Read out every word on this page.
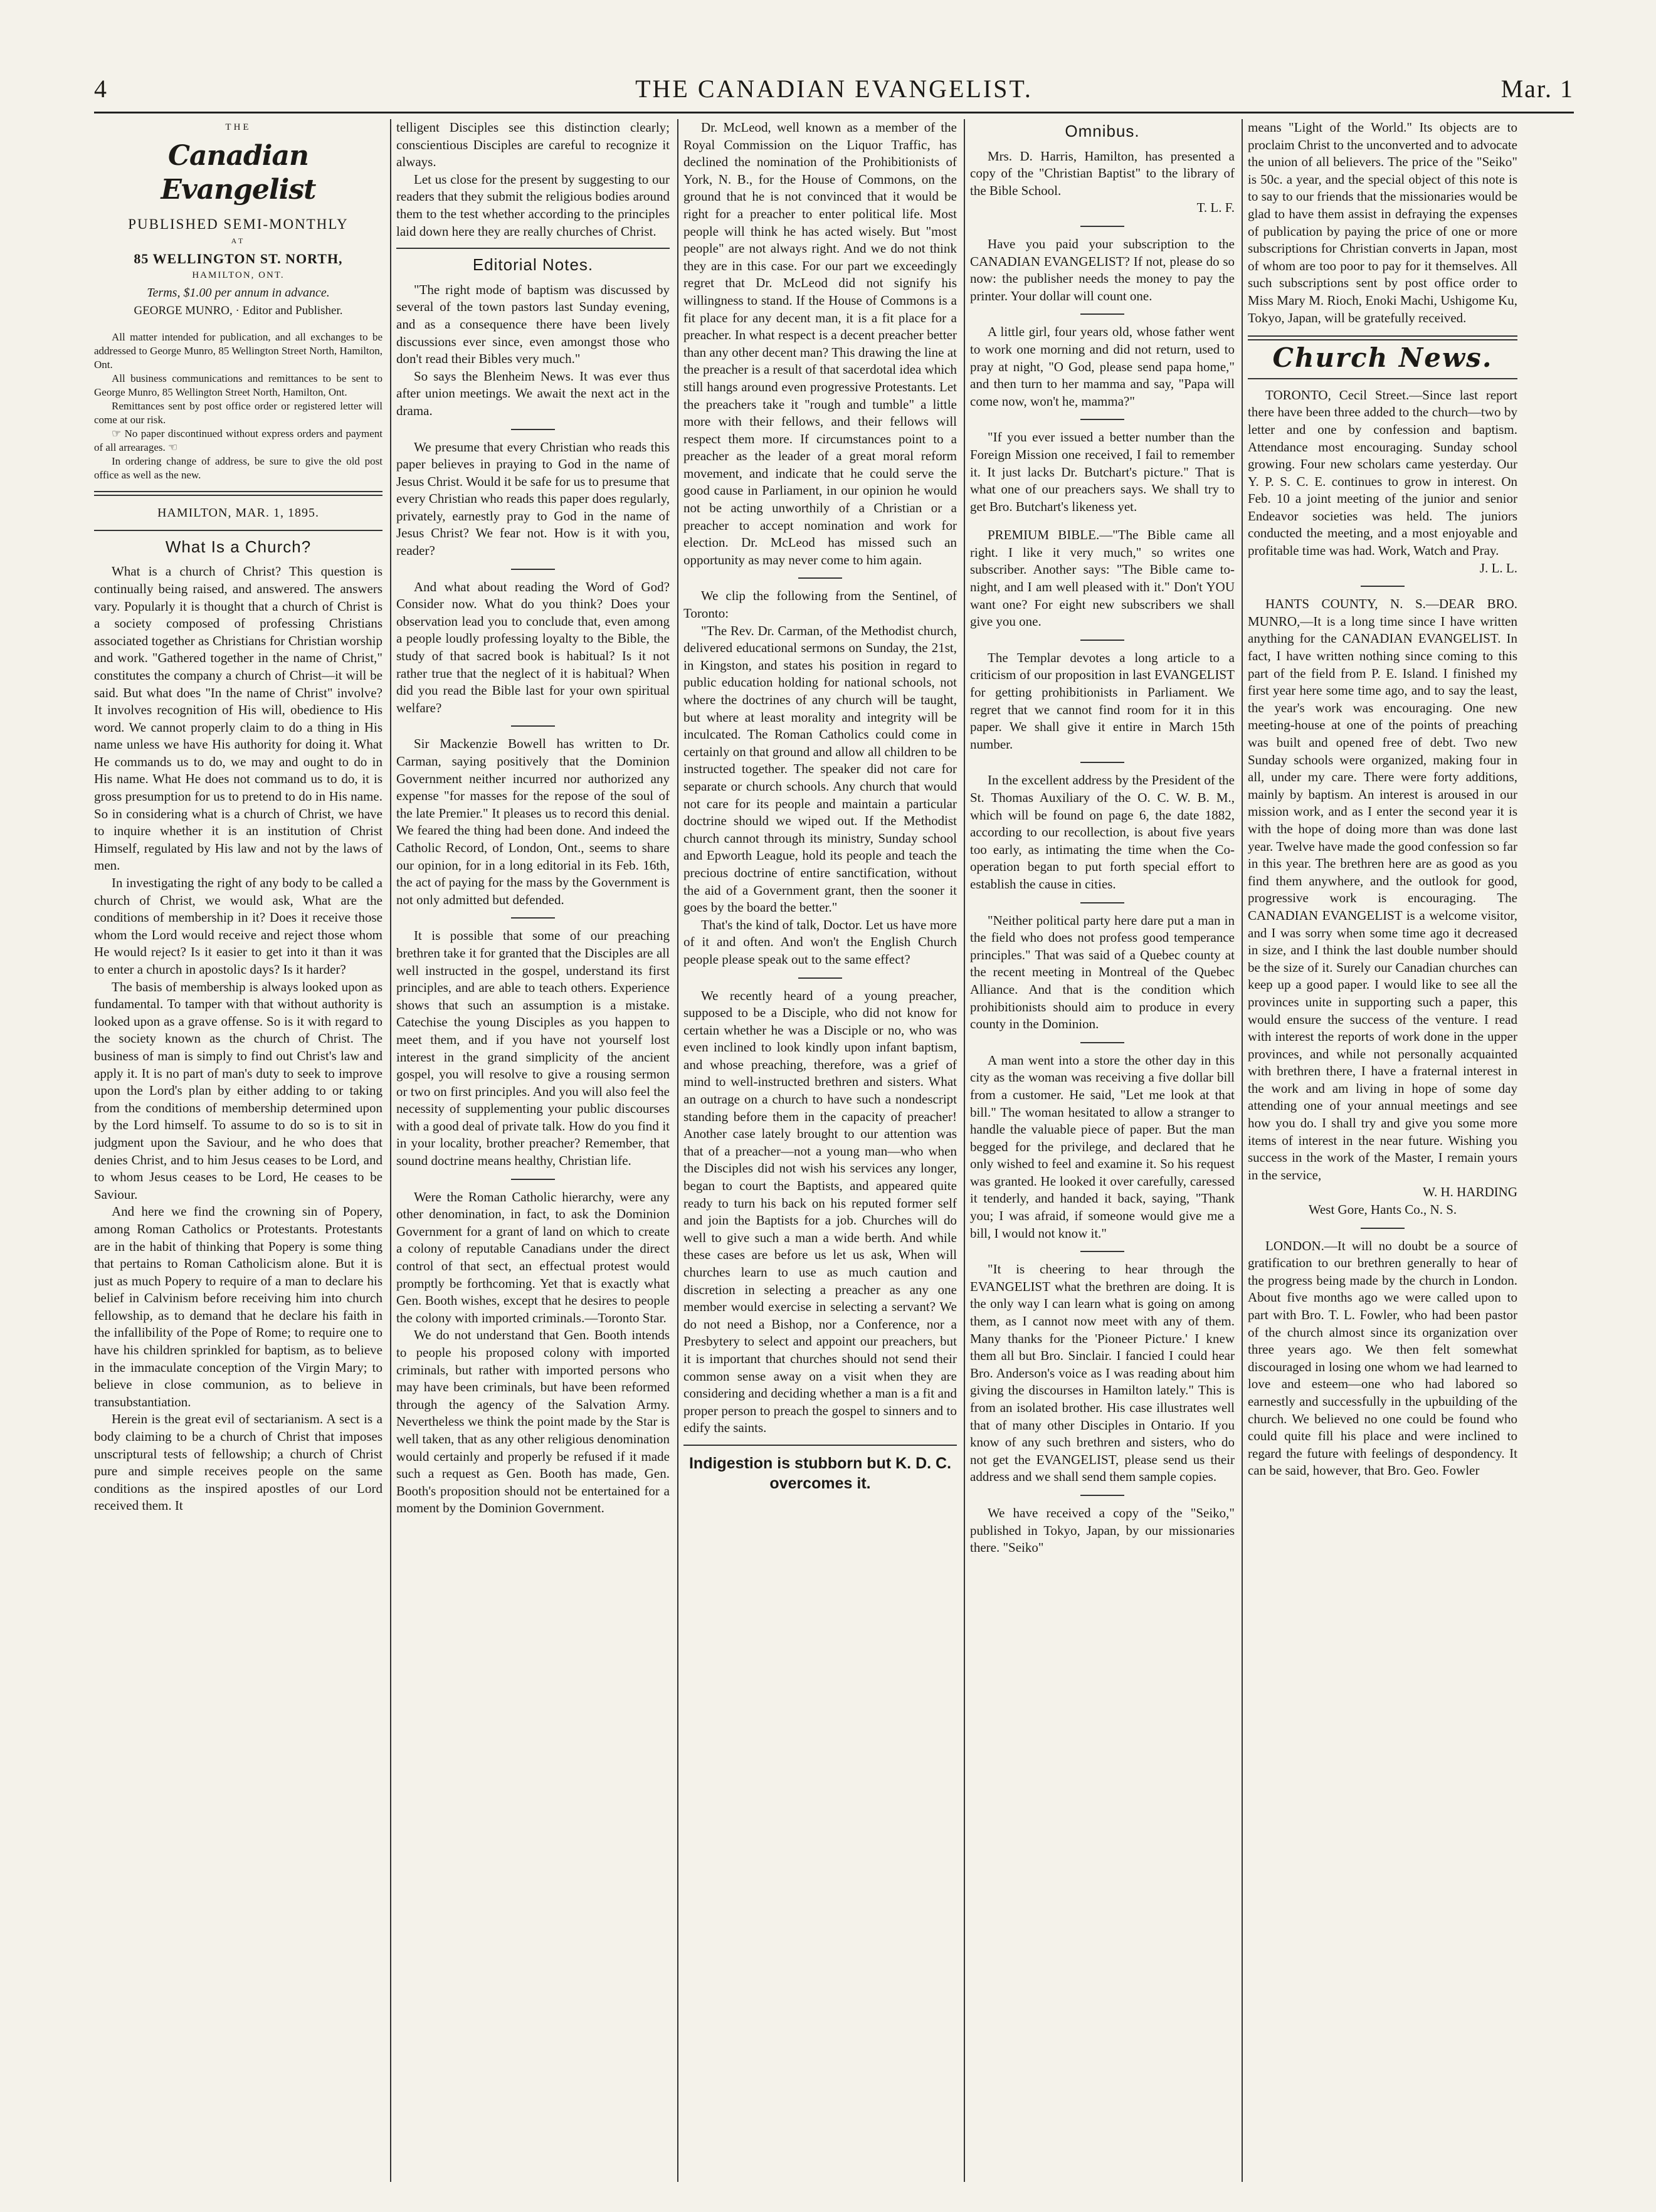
4	THE CANADIAN EVANGELIST.	Mar. 1
THE
Canadian Evangelist
PUBLISHED SEMI-MONTHLY
AT
85 WELLINGTON ST. NORTH,
HAMILTON, ONT.
Terms, $1.00 per annum in advance.
GEORGE MUNRO, · Editor and Publisher.

All matter intended for publication, and all exchanges to be addressed to George Munro, 85 Wellington Street North, Hamilton, Ont.

All business communications and remittances to be sent to George Munro, 85 Wellington Street North, Hamilton, Ont.

Remittances sent by post office order or registered letter will come at our risk.

☞ No paper discontinued without express orders and payment of all arrearages. ☜

In ordering change of address, be sure to give the old post office as well as the new.

HAMILTON, MAR. 1, 1895.
What Is a Church?

What is a church of Christ? This question is continually being raised, and answered. The answers vary. Popularly it is thought that a church of Christ is a society composed of professing Christians associated together as Christians for Christian worship and work. "Gathered together in the name of Christ," constitutes the company a church of Christ—it will be said. But what does "In the name of Christ" involve? It involves recognition of His will, obedience to His word. We cannot properly claim to do a thing in His name unless we have His authority for doing it. What He commands us to do, we may and ought to do in His name. What He does not command us to do, it is gross presumption for us to pretend to do in His name. So in considering what is a church of Christ, we have to inquire whether it is an institution of Christ Himself, regulated by His law and not by the laws of men.

In investigating the right of any body to be called a church of Christ, we would ask, What are the conditions of membership in it? Does it receive those whom the Lord would receive and reject those whom He would reject? Is it easier to get into it than it was to enter a church in apostolic days? Is it harder?

The basis of membership is always looked upon as fundamental. To tamper with that without authority is looked upon as a grave offense. So is it with regard to the society known as the church of Christ. The business of man is simply to find out Christ's law and apply it. It is no part of man's duty to seek to improve upon the Lord's plan by either adding to or taking from the conditions of membership determined upon by the Lord himself. To assume to do so is to sit in judgment upon the Saviour, and he who does that denies Christ, and to him Jesus ceases to be Lord, and to whom Jesus ceases to be Lord, He ceases to be Saviour.

And here we find the crowning sin of Popery, among Roman Catholics or Protestants. Protestants are in the habit of thinking that Popery is some thing that pertains to Roman Catholicism alone. But it is just as much Popery to require of a man to declare his belief in Calvinism before receiving him into church fellowship, as to demand that he declare his faith in the infallibility of the Pope of Rome; to require one to have his children sprinkled for baptism, as to believe in the immaculate conception of the Virgin Mary; to believe in close communion, as to believe in transubstantiation.

Herein is the great evil of sectarianism. A sect is a body claiming to be a church of Christ that imposes unscriptural tests of fellowship; a church of Christ pure and simple receives people on the same conditions as the inspired apostles of our Lord received them. It

telligent Disciples see this distinction clearly; conscientious Disciples are careful to recognize it always.

Let us close for the present by suggesting to our readers that they submit the religious bodies around them to the test whether according to the principles laid down here they are really churches of Christ.

Editorial Notes.

"The right mode of baptism was discussed by several of the town pastors last Sunday evening, and as a consequence there have been lively discussions ever since, even amongst those who don't read their Bibles very much."

So says the Blenheim News. It was ever thus after union meetings. We await the next act in the drama.

We presume that every Christian who reads this paper believes in praying to God in the name of Jesus Christ. Would it be safe for us to presume that every Christian who reads this paper does regularly, privately, earnestly pray to God in the name of Jesus Christ? We fear not. How is it with you, reader?

And what about reading the Word of God? Consider now. What do you think? Does your observation lead you to conclude that, even among a people loudly professing loyalty to the Bible, the study of that sacred book is habitual? Is it not rather true that the neglect of it is habitual? When did you read the Bible last for your own spiritual welfare?

Sir Mackenzie Bowell has written to Dr. Carman, saying positively that the Dominion Government neither incurred nor authorized any expense "for masses for the repose of the soul of the late Premier." It pleases us to record this denial. We feared the thing had been done. And indeed the Catholic Record, of London, Ont., seems to share our opinion, for in a long editorial in its Feb. 16th, the act of paying for the mass by the Government is not only admitted but defended.

It is possible that some of our preaching brethren take it for granted that the Disciples are all well instructed in the gospel, understand its first principles, and are able to teach others. Experience shows that such an assumption is a mistake. Catechise the young Disciples as you happen to meet them, and if you have not yourself lost interest in the grand simplicity of the ancient gospel, you will resolve to give a rousing sermon or two on first principles. And you will also feel the necessity of supplementing your public discourses with a good deal of private talk. How do you find it in your locality, brother preacher? Remember, that sound doctrine means healthy, Christian life.

Were the Roman Catholic hierarchy, were any other denomination, in fact, to ask the Dominion Government for a grant of land on which to create a colony of reputable Canadians under the direct control of that sect, an effectual protest would promptly be forthcoming. Yet that is exactly what Gen. Booth wishes, except that he desires to people the colony with imported criminals.—Toronto Star.

We do not understand that Gen. Booth intends to people his proposed colony with imported criminals, but rather with imported persons who may have been criminals, but have been reformed through the agency of the Salvation Army. Nevertheless we think the point made by the Star is well taken, that as any other religious denomination would certainly and properly be refused if it made such a request as Gen. Booth has made, Gen. Booth's proposition should not be entertained for a moment by the Dominion Government.

Dr. McLeod, well known as a member of the Royal Commission on the Liquor Traffic, has declined the nomination of the Prohibitionists of York, N. B., for the House of Commons, on the ground that he is not convinced that it would be right for a preacher to enter political life. Most people will think he has acted wisely. But "most people" are not always right. And we do not think they are in this case. For our part we exceedingly regret that Dr. McLeod did not signify his willingness to stand. If the House of Commons is a fit place for any decent man, it is a fit place for a preacher. In what respect is a decent preacher better than any other decent man? This drawing the line at the preacher is a result of that sacerdotal idea which still hangs around even progressive Protestants. Let the preachers take it "rough and tumble" a little more with their fellows, and their fellows will respect them more. If circumstances point to a preacher as the leader of a great moral reform movement, and indicate that he could serve the good cause in Parliament, in our opinion he would not be acting unworthily of a Christian or a preacher to accept nomination and work for election. Dr. McLeod has missed such an opportunity as may never come to him again.

We clip the following from the Sentinel, of Toronto:

"The Rev. Dr. Carman, of the Methodist church, delivered educational sermons on Sunday, the 21st, in Kingston, and states his position in regard to public education holding for national schools, not where the doctrines of any church will be taught, but where at least morality and integrity will be inculcated. The Roman Catholics could come in certainly on that ground and allow all children to be instructed together. The speaker did not care for separate or church schools. Any church that would not care for its people and maintain a particular doctrine should we wiped out. If the Methodist church cannot through its ministry, Sunday school and Epworth League, hold its people and teach the precious doctrine of entire sanctification, without the aid of a Government grant, then the sooner it goes by the board the better."

That's the kind of talk, Doctor. Let us have more of it and often. And won't the English Church people please speak out to the same effect?

We recently heard of a young preacher, supposed to be a Disciple, who did not know for certain whether he was a Disciple or no, who was even inclined to look kindly upon infant baptism, and whose preaching, therefore, was a grief of mind to well-instructed brethren and sisters. What an outrage on a church to have such a nondescript standing before them in the capacity of preacher! Another case lately brought to our attention was that of a preacher—not a young man—who when the Disciples did not wish his services any longer, began to court the Baptists, and appeared quite ready to turn his back on his reputed former self and join the Baptists for a job. Churches will do well to give such a man a wide berth. And while these cases are before us let us ask, When will churches learn to use as much caution and discretion in selecting a preacher as any one member would exercise in selecting a servant? We do not need a Bishop, nor a Conference, nor a Presbytery to select and appoint our preachers, but it is important that churches should not send their common sense away on a visit when they are considering and deciding whether a man is a fit and proper person to preach the gospel to sinners and to edify the saints.

Indigestion is stubborn but K. D. C. overcomes it.

Omnibus.

Mrs. D. Harris, Hamilton, has presented a copy of the "Christian Baptist" to the library of the Bible School.

T. L. F.

Have you paid your subscription to the CANADIAN EVANGELIST? If not, please do so now: the publisher needs the money to pay the printer. Your dollar will count one.

A little girl, four years old, whose father went to work one morning and did not return, used to pray at night, "O God, please send papa home," and then turn to her mamma and say, "Papa will come now, won't he, mamma?"

"If you ever issued a better number than the Foreign Mission one received, I fail to remember it. It just lacks Dr. Butchart's picture." That is what one of our preachers says. We shall try to get Bro. Butchart's likeness yet.

PREMIUM BIBLE.—"The Bible came all right. I like it very much," so writes one subscriber. Another says: "The Bible came to-night, and I am well pleased with it." Don't YOU want one? For eight new subscribers we shall give you one.

The Templar devotes a long article to a criticism of our proposition in last EVANGELIST for getting prohibitionists in Parliament. We regret that we cannot find room for it in this paper. We shall give it entire in March 15th number.

In the excellent address by the President of the St. Thomas Auxiliary of the O. C. W. B. M., which will be found on page 6, the date 1882, according to our recollection, is about five years too early, as intimating the time when the Co-operation began to put forth special effort to establish the cause in cities.

"Neither political party here dare put a man in the field who does not profess good temperance principles." That was said of a Quebec county at the recent meeting in Montreal of the Quebec Alliance. And that is the condition which prohibitionists should aim to produce in every county in the Dominion.

A man went into a store the other day in this city as the woman was receiving a five dollar bill from a customer. He said, "Let me look at that bill." The woman hesitated to allow a stranger to handle the valuable piece of paper. But the man begged for the privilege, and declared that he only wished to feel and examine it. So his request was granted. He looked it over carefully, caressed it tenderly, and handed it back, saying, "Thank you; I was afraid, if someone would give me a bill, I would not know it."

"It is cheering to hear through the EVANGELIST what the brethren are doing. It is the only way I can learn what is going on among them, as I cannot now meet with any of them. Many thanks for the 'Pioneer Picture.' I knew them all but Bro. Sinclair. I fancied I could hear Bro. Anderson's voice as I was reading about him giving the discourses in Hamilton lately." This is from an isolated brother. His case illustrates well that of many other Disciples in Ontario. If you know of any such brethren and sisters, who do not get the EVANGELIST, please send us their address and we shall send them sample copies.

We have received a copy of the "Seiko," published in Tokyo, Japan, by our missionaries there. "Seiko"

means "Light of the World." Its objects are to proclaim Christ to the unconverted and to advocate the union of all believers. The price of the "Seiko" is 50c. a year, and the special object of this note is to say to our friends that the missionaries would be glad to have them assist in defraying the expenses of publication by paying the price of one or more subscriptions for Christian converts in Japan, most of whom are too poor to pay for it themselves. All such subscriptions sent by post office order to Miss Mary M. Rioch, Enoki Machi, Ushigome Ku, Tokyo, Japan, will be gratefully received.

Church News.

TORONTO, Cecil Street.—Since last report there have been three added to the church—two by letter and one by confession and baptism. Attendance most encouraging. Sunday school growing. Four new scholars came yesterday. Our Y. P. S. C. E. continues to grow in interest. On Feb. 10 a joint meeting of the junior and senior Endeavor societies was held. The juniors conducted the meeting, and a most enjoyable and profitable time was had. Work, Watch and Pray.

J. L. L.

HANTS COUNTY, N. S.—DEAR BRO. MUNRO,—It is a long time since I have written anything for the CANADIAN EVANGELIST. In fact, I have written nothing since coming to this part of the field from P. E. Island. I finished my first year here some time ago, and to say the least, the year's work was encouraging. One new meeting-house at one of the points of preaching was built and opened free of debt. Two new Sunday schools were organized, making four in all, under my care. There were forty additions, mainly by baptism. An interest is aroused in our mission work, and as I enter the second year it is with the hope of doing more than was done last year. Twelve have made the good confession so far in this year. The brethren here are as good as you find them anywhere, and the outlook for good, progressive work is encouraging. The CANADIAN EVANGELIST is a welcome visitor, and I was sorry when some time ago it decreased in size, and I think the last double number should be the size of it. Surely our Canadian churches can keep up a good paper. I would like to see all the provinces unite in supporting such a paper, this would ensure the success of the venture. I read with interest the reports of work done in the upper provinces, and while not personally acquainted with brethren there, I have a fraternal interest in the work and am living in hope of some day attending one of your annual meetings and see how you do. I shall try and give you some more items of interest in the near future. Wishing you success in the work of the Master, I remain yours in the service,

W. H. HARDING

West Gore, Hants Co., N. S.

LONDON.—It will no doubt be a source of gratification to our brethren generally to hear of the progress being made by the church in London. About five months ago we were called upon to part with Bro. T. L. Fowler, who had been pastor of the church almost since its organization over three years ago. We then felt somewhat discouraged in losing one whom we had learned to love and esteem—one who had labored so earnestly and successfully in the upbuilding of the church. We believed no one could be found who could quite fill his place and were inclined to regard the future with feelings of despondency. It can be said, however, that Bro. Geo. Fowler
